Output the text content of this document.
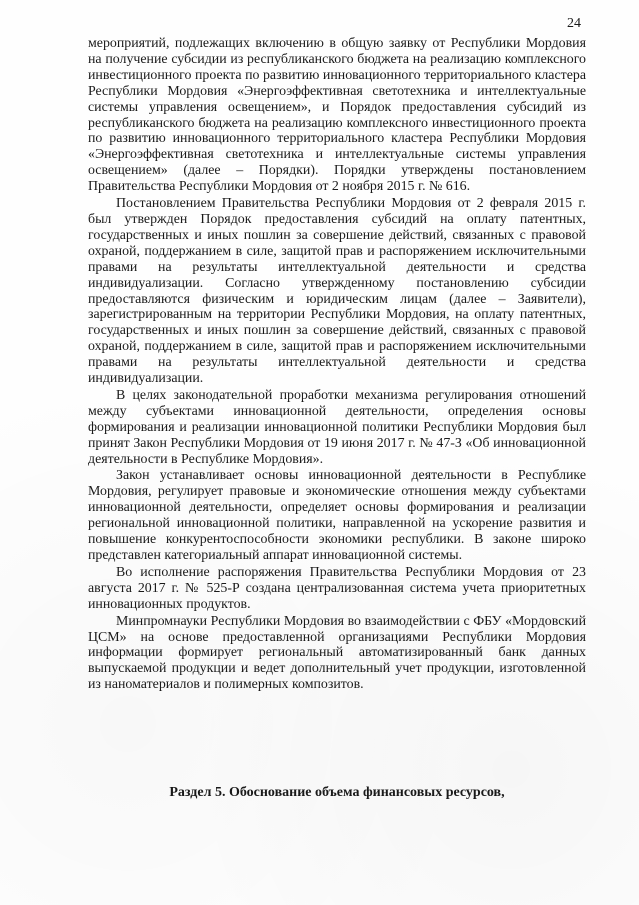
24

мероприятий, подлежащих включению в общую заявку от Республики Мордовия на получение субсидии из республиканского бюджета на реализацию комплексного инвестиционного проекта по развитию инновационного территориального кластера Республики Мордовия «Энергоэффективная светотехника и интеллектуальные системы управления освещением», и Порядок предоставления субсидий из республиканского бюджета на реализацию комплексного инвестиционного проекта по развитию инновационного территориального кластера Республики Мордовия «Энергоэффективная светотехника и интеллектуальные системы управления освещением» (далее – Порядки). Порядки утверждены постановлением Правительства Республики Мордовия от 2 ноября 2015 г. № 616.

Постановлением Правительства Республики Мордовия от 2 февраля 2015 г. был утвержден Порядок предоставления субсидий на оплату патентных, государственных и иных пошлин за совершение действий, связанных с правовой охраной, поддержанием в силе, защитой прав и распоряжением исключительными правами на результаты интеллектуальной деятельности и средства индивидуализации. Согласно утвержденному постановлению субсидии предоставляются физическим и юридическим лицам (далее – Заявители), зарегистрированным на территории Республики Мордовия, на оплату патентных, государственных и иных пошлин за совершение действий, связанных с правовой охраной, поддержанием в силе, защитой прав и распоряжением исключительными правами на результаты интеллектуальной деятельности и средства индивидуализации.

В целях законодательной проработки механизма регулирования отношений между субъектами инновационной деятельности, определения основы формирования и реализации инновационной политики Республики Мордовия был принят Закон Республики Мордовия от 19 июня 2017 г. № 47-З «Об инновационной деятельности в Республике Мордовия».

Закон устанавливает основы инновационной деятельности в Республике Мордовия, регулирует правовые и экономические отношения между субъектами инновационной деятельности, определяет основы формирования и реализации региональной инновационной политики, направленной на ускорение развития и повышение конкурентоспособности экономики республики. В законе широко представлен категориальный аппарат инновационной системы.

Во исполнение распоряжения Правительства Республики Мордовия от 23 августа 2017 г. № 525-Р создана централизованная система учета приоритетных инновационных продуктов.

Минпромнауки Республики Мордовия во взаимодействии с ФБУ «Мордовский ЦСМ» на основе предоставленной организациями Республики Мордовия информации формирует региональный автоматизированный банк данных выпускаемой продукции и ведет дополнительный учет продукции, изготовленной из наноматериалов и полимерных композитов.

Раздел 5. Обоснование объема финансовых ресурсов,
